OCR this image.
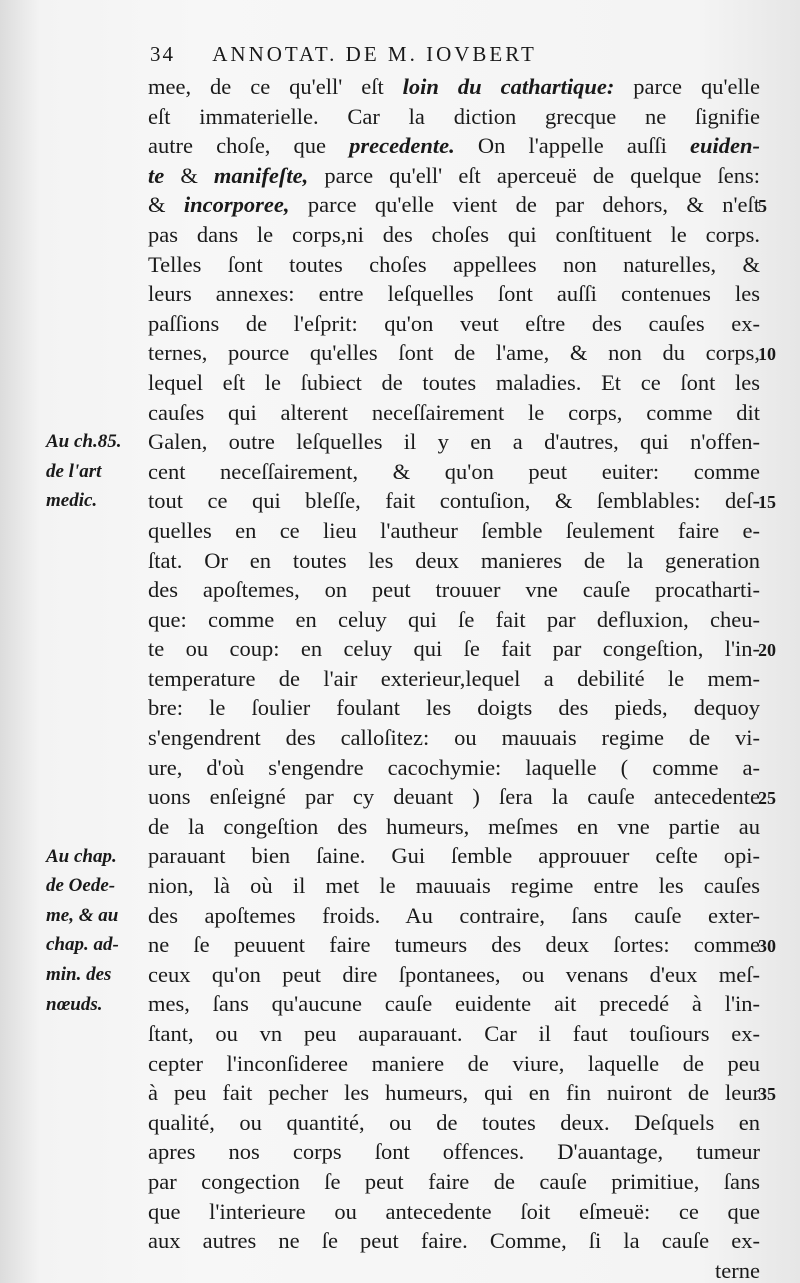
34 ANNOTAT. DE M. IOVBERT
mee, de ce qu'ell' eſt loin du cathartique: parce qu'elle
eſt immaterielle. Car la diction grecque ne ſignifie
autre choſe, que precedente. On l'appelle auſſi euiden-
te & manifeſte, parce qu'ell' eſt aperceuë de quelque ſens:
& incorporee, parce qu'elle vient de par dehors, & n'eſt
pas dans le corps,ni des choſes qui conſtituent le corps.
Telles ſont toutes choſes appellees non naturelles, &
leurs annexes: entre leſquelles ſont auſſi contenues les
paſſions de l'eſprit: qu'on veut eſtre des cauſes ex-
ternes, pource qu'elles ſont de l'ame, & non du corps,
lequel eſt le ſubiect de toutes maladies. Et ce ſont les
cauſes qui alterent neceſſairement le corps, comme dit
Galen, outre leſquelles il y en a d'autres, qui n'offen-
cent neceſſairement, & qu'on peut euiter: comme
tout ce qui bleſſe, fait contuſion, & ſemblables: deſ-
quelles en ce lieu l'autheur ſemble ſeulement faire e-
ſtat. Or en toutes les deux manieres de la generation
des apoſtemes, on peut trouuer vne cauſe procatharti-
que: comme en celuy qui ſe fait par defluxion, cheu-
te ou coup: en celuy qui ſe fait par congeſtion, l'in-
temperature de l'air exterieur,lequel a debilité le mem-
bre: le ſoulier foulant les doigts des pieds, dequoy
s'engendrent des calloſitez: ou mauuais regime de vi-
ure, d'où s'engendre cacochymie: laquelle ( comme a-
uons enſeigné par cy deuant ) ſera la cauſe antecedente
de la congeſtion des humeurs, meſmes en vne partie au
parauant bien ſaine. Gui ſemble approuuer ceſte opi-
nion, là où il met le mauuais regime entre les cauſes
des apoſtemes froids. Au contraire, ſans cauſe exter-
ne ſe peuuent faire tumeurs des deux ſortes: comme
ceux qu'on peut dire ſpontanees, ou venans d'eux meſ-
mes, ſans qu'aucune cauſe euidente ait precedé à l'in-
ſtant, ou vn peu auparauant. Car il faut touſiours ex-
cepter l'inconſideree maniere de viure, laquelle de peu
à peu fait pecher les humeurs, qui en fin nuiront de leur
qualité, ou quantité, ou de toutes deux. Deſquels en
apres nos corps ſont offences. D'auantage, tumeur
par congection ſe peut faire de cauſe primitiue, ſans
que l'interieure ou antecedente ſoit eſmeuë: ce que
aux autres ne ſe peut faire. Comme, ſi la cauſe ex-
terne
Au ch.85.
de l'art
medic.
Au chap.
de Oede-
me, & au
chap. ad-
min. des
nœuds.
5
10
15
20
25
30
35
